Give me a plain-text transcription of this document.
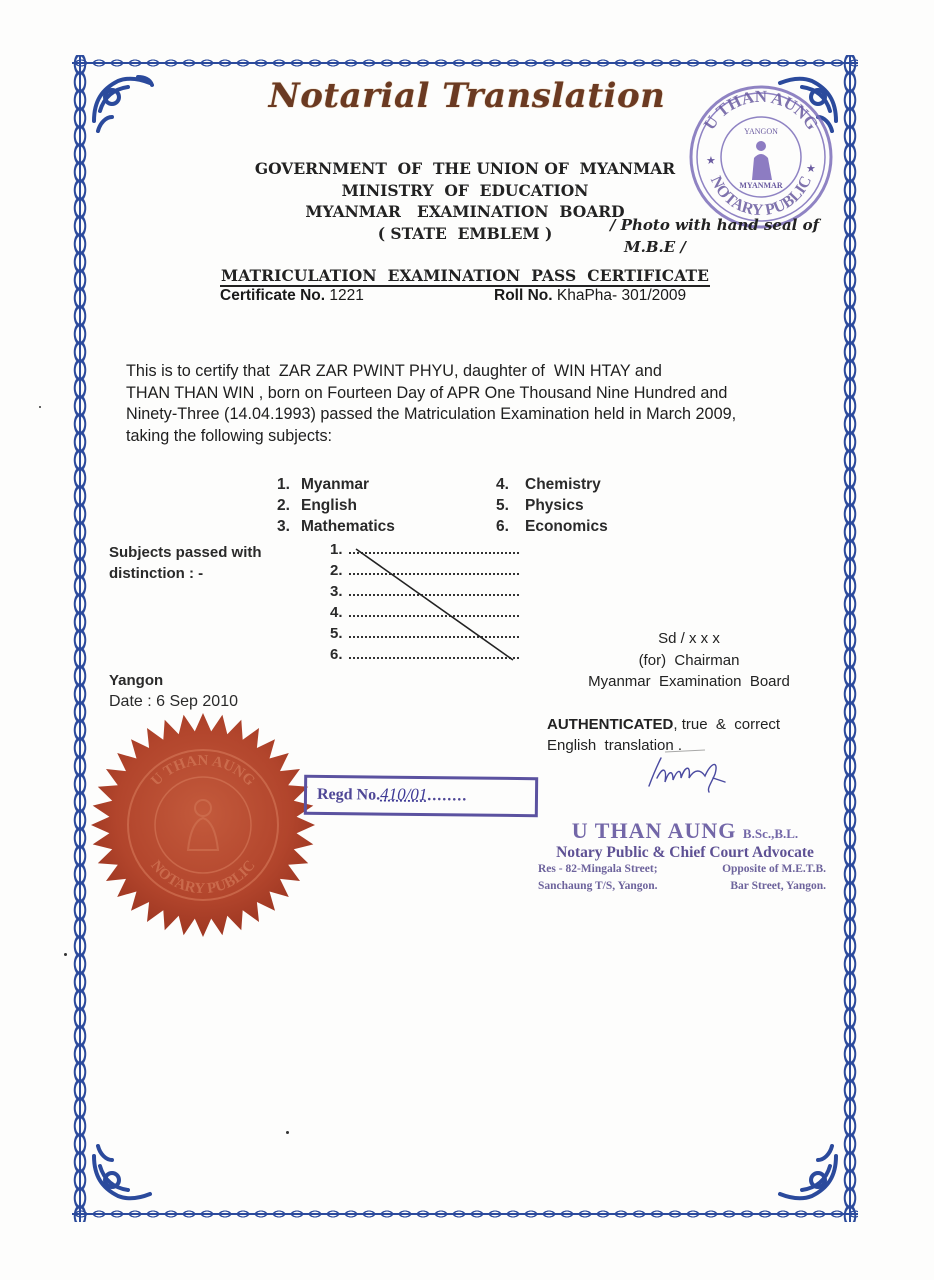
Notarial Translation
U THAN AUNG
NOTARY PUBLIC
YANGON
MYANMAR
★
★
GOVERNMENT  OF  THE UNION OF  MYANMAR
MINISTRY  OF  EDUCATION
MYANMAR   EXAMINATION  BOARD
( STATE  EMBLEM )	/ Photo with hand seal of
M.B.E /
MATRICULATION  EXAMINATION  PASS  CERTIFICATE
Certificate No. 1221	Roll No. KhaPha- 301/2009
This is to certify that  ZAR ZAR PWINT PHYU, daughter of  WIN HTAY and
THAN THAN WIN , born on Fourteen Day of APR One Thousand Nine Hundred and
Ninety-Three (14.04.1993) passed the Matriculation Examination held in March 2009,
taking the following subjects:
1. Myanmar
2. English
3. Mathematics
4. Chemistry
5. Physics
6. Economics
Subjects passed with
distinction : -
1.
2.
3.
4.
5.
6.
Yangon
Date : 6 Sep 2010
Sd / x x x
(for)  Chairman
Myanmar  Examination  Board
AUTHENTICATED, true  &  correct
English  translation .
U THAN AUNG B.Sc.,B.L.
Notary Public & Chief Court Advocate
Res - 82-Mingala Street;	Opposite of M.E.T.B.
Sanchaung T/S, Yangon.	Bar Street, Yangon.
U THAN AUNG
NOTARY PUBLIC
Regd No.410/01........
